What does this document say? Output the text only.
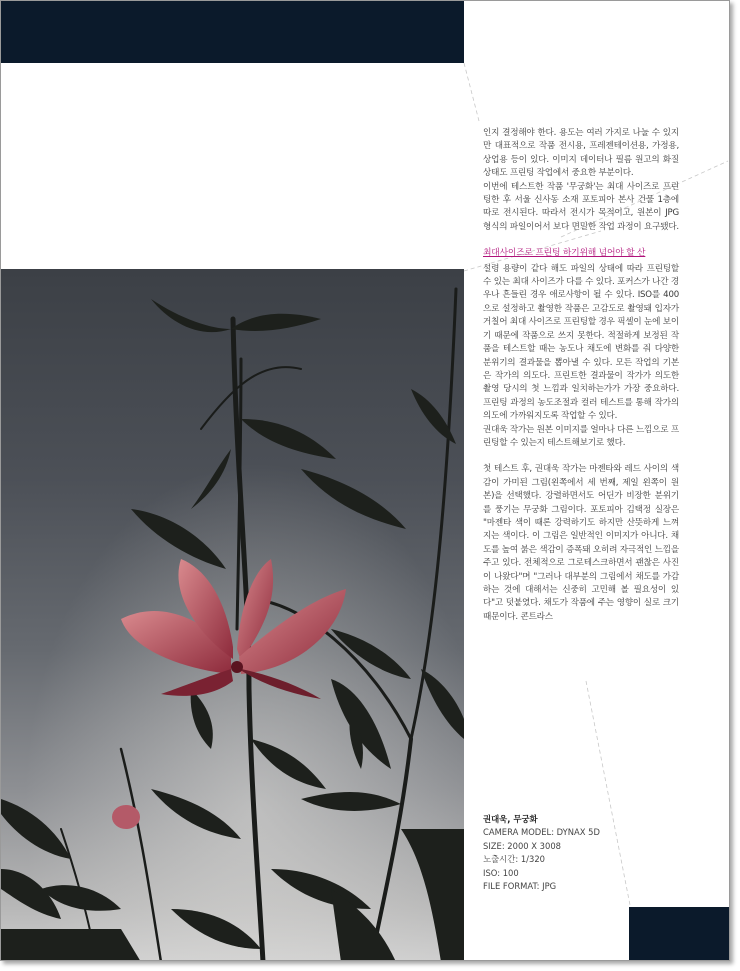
인지 결정해야 한다. 용도는 여러 가지로 나눌 수 있지만 대표적으로 작품 전시용, 프레젠테이션용, 가정용, 상업용 등이 있다. 이미지 데이터나 필름 원고의 화질 상태도 프린팅 작업에서 중요한 부분이다.

이번에 테스트한 작품 '무궁화'는 최대 사이즈로 프린팅한 후 서울 신사동 소재 포토피아 본사 건물 1층에 따로 전시된다. 따라서 전시가 목적이고, 원본이 JPG 형식의 파일이어서 보다 면밀한 작업 과정이 요구됐다.

최대사이즈로 프린팅 하기위해 넘어야 할 산

설령 용량이 같다 해도 파일의 상태에 따라 프린팅할 수 있는 최대 사이즈가 다를 수 있다. 포커스가 나간 경우나 흔들린 경우 애로사항이 될 수 있다. ISO를 400으로 설정하고 촬영한 작품은 고감도로 촬영돼 입자가 거칠어 최대 사이즈로 프린팅할 경우 픽셀이 눈에 보이기 때문에 작품으로 쓰지 못한다. 적절하게 보정된 작품을 테스트할 때는 농도나 채도에 변화를 줘 다양한 분위기의 결과물을 뽑아낼 수 있다. 모든 작업의 기본은 작가의 의도다. 프린트한 결과물이 작가가 의도한 촬영 당시의 첫 느낌과 일치하는가가 가장 중요하다. 프린팅 과정의 농도조절과 컬러 테스트를 통해 작가의 의도에 가까워지도록 작업할 수 있다.

권대욱 작가는 원본 이미지를 얼마나 다른 느낌으로 프린팅할 수 있는지 테스트해보기로 했다.

첫 테스트 후, 권대욱 작가는 마젠타와 레드 사이의 색감이 가미된 그림(왼쪽에서 세 번째, 제일 왼쪽이 원본)을 선택했다. 강렬하면서도 어딘가 비장한 분위기를 풍기는 무궁화 그림이다. 포토피아 김택정 실장은 "마젠타 색이 때론 강력하기도 하지만 산뜻하게 느껴지는 색이다. 이 그림은 일반적인 이미지가 아니다. 채도를 높여 붉은 색감이 증폭돼 오히려 자극적인 느낌을 주고 있다. 전체적으로 그로테스크하면서 괜찮은 사진이 나왔다"며 "그러나 대부분의 그림에서 채도를 가감하는 것에 대해서는 신중히 고민해 볼 필요성이 있다"고 덧붙였다. 채도가 작품에 주는 영향이 실로 크기 때문이다. 콘트라스

권대욱, 무궁화
CAMERA MODEL: DYNAX 5D
SIZE: 2000 X 3008
노출시간: 1/320
ISO: 100
FILE FORMAT: JPG
